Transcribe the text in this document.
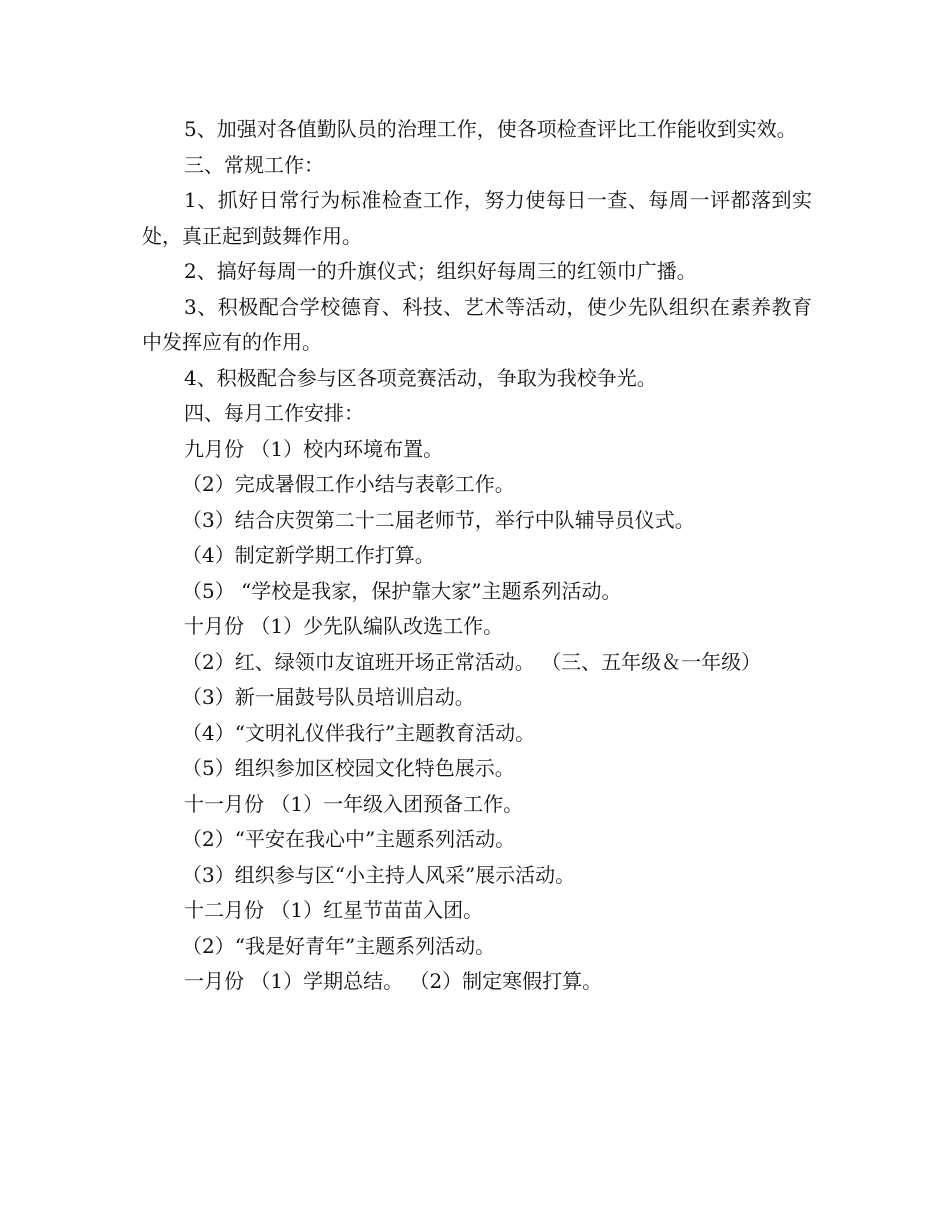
5、加强对各值勤队员的治理工作，使各项检查评比工作能收到实效。

三、常规工作：

1、抓好日常行为标准检查工作，努力使每日一查、每周一评都落到实处，真正起到鼓舞作用。

2、搞好每周一的升旗仪式；组织好每周三的红领巾广播。

3、积极配合学校德育、科技、艺术等活动，使少先队组织在素养教育中发挥应有的作用。

4、积极配合参与区各项竞赛活动，争取为我校争光。

四、每月工作安排：

九月份 （1）校内环境布置。

（2）完成暑假工作小结与表彰工作。

（3）结合庆贺第二十二届老师节，举行中队辅导员仪式。

（4）制定新学期工作打算。

（5） “学校是我家，保护靠大家”主题系列活动。

十月份 （1）少先队编队改选工作。

（2）红、绿领巾友谊班开场正常活动。 （三、五年级＆一年级）

（3）新一届鼓号队员培训启动。

（4）“文明礼仪伴我行”主题教育活动。

（5）组织参加区校园文化特色展示。

十一月份 （1）一年级入团预备工作。

（2）“平安在我心中”主题系列活动。

（3）组织参与区“小主持人风采”展示活动。

十二月份 （1）红星节苗苗入团。

（2）“我是好青年”主题系列活动。

一月份 （1）学期总结。 （2）制定寒假打算。
